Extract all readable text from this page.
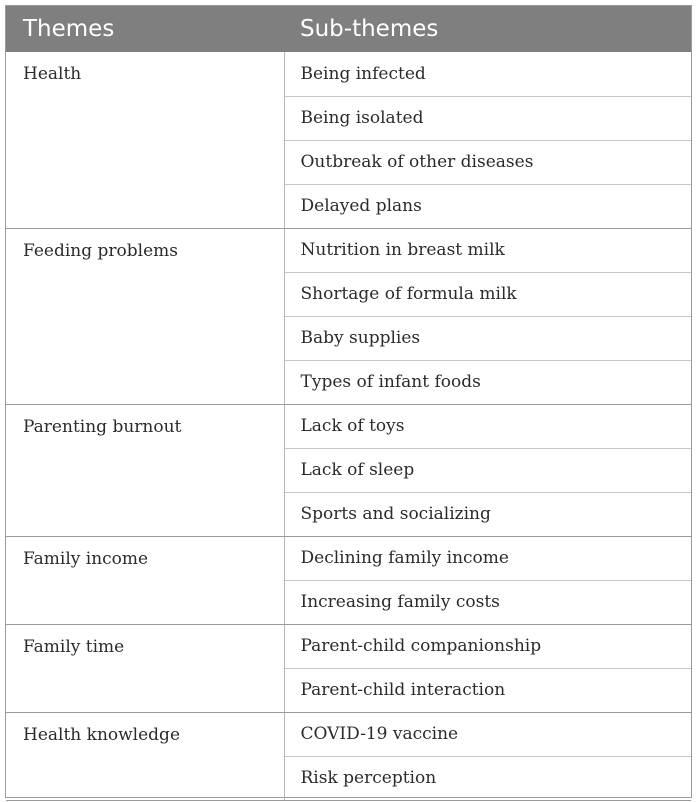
Themes	Sub-themes
Health	Being infected
	Being isolated
	Outbreak of other diseases
	Delayed plans
Feeding problems	Nutrition in breast milk
	Shortage of formula milk
	Baby supplies
	Types of infant foods
Parenting burnout	Lack of toys
	Lack of sleep
	Sports and socializing
Family income	Declining family income
	Increasing family costs
Family time	Parent-child companionship
	Parent-child interaction
Health knowledge	COVID-19 vaccine
	Risk perception
